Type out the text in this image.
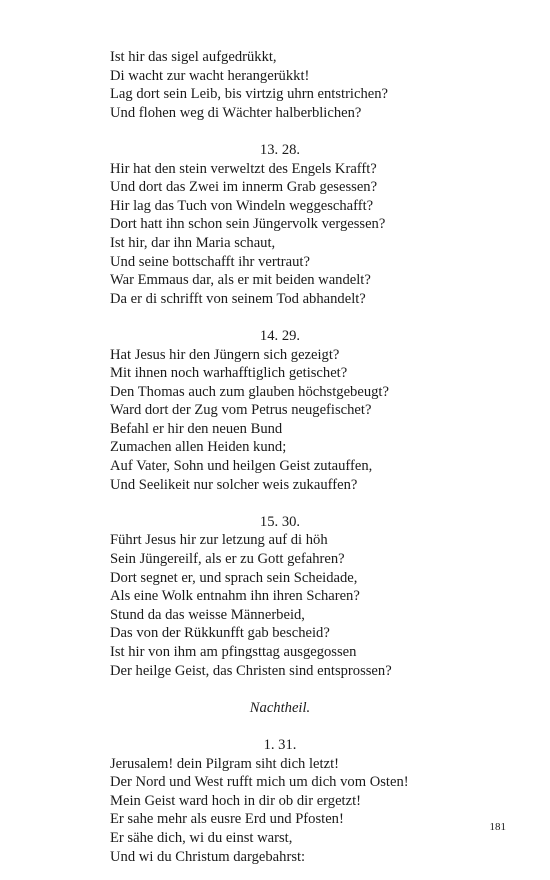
Ist hir das sigel aufgedrükkt,
Di wacht zur wacht herangerükkt!
Lag dort sein Leib, bis virtzig uhrn entstrichen?
Und flohen weg di Wächter halberblichen?
13. 28.
Hir hat den stein verweltzt des Engels Krafft?
Und dort das Zwei im innerm Grab gesessen?
Hir lag das Tuch von Windeln weggeschafft?
Dort hatt ihn schon sein Jüngervolk vergessen?
Ist hir, dar ihn Maria schaut,
Und seine bottschafft ihr vertraut?
War Emmaus dar, als er mit beiden wandelt?
Da er di schrifft von seinem Tod abhandelt?
14. 29.
Hat Jesus hir den Jüngern sich gezeigt?
Mit ihnen noch warhafftiglich getischet?
Den Thomas auch zum glauben höchstgebeugt?
Ward dort der Zug vom Petrus neugefischet?
Befahl er hir den neuen Bund
Zumachen allen Heiden kund;
Auf Vater, Sohn und heilgen Geist zutauffen,
Und Seelikeit nur solcher weis zukauffen?
15. 30.
Führt Jesus hir zur letzung auf di höh
Sein Jüngereilf, als er zu Gott gefahren?
Dort segnet er, und sprach sein Scheidade,
Als eine Wolk entnahm ihn ihren Scharen?
Stund da das weisse Männerbeid,
Das von der Rükkunfft gab bescheid?
Ist hir von ihm am pfingsttag ausgegossen
Der heilge Geist, das Christen sind entsprossen?
Nachtheil.
1. 31.
Jerusalem! dein Pilgram siht dich letzt!
Der Nord und West rufft mich um dich vom Osten!
Mein Geist ward hoch in dir ob dir ergetzt!
Er sahe mehr als eusre Erd und Pfosten!
Er sähe dich, wi du einst warst,
Und wi du Christum dargebahrst:
181
